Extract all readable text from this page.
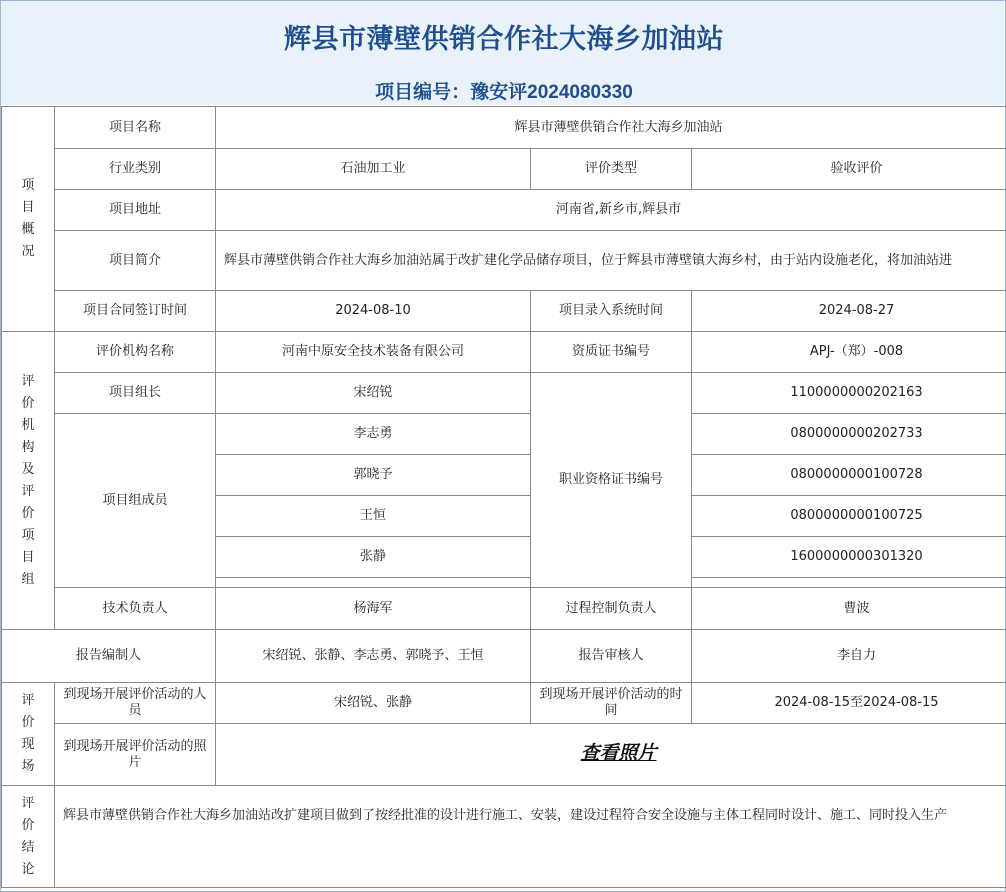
辉县市薄壁供销合作社大海乡加油站
项目编号：豫安评2024080330
项目概况	项目名称	辉县市薄壁供销合作社大海乡加油站		
	行业类别	石油加工业	评价类型	验收评价
	项目地址	河南省,新乡市,辉县市		
	项目简介	辉县市薄壁供销合作社大海乡加油站属于改扩建化学品储存项目，位于辉县市薄壁镇大海乡村，由于站内设施老化，将加油站进		
	项目合同签订时间	2024-08-10	项目录入系统时间	2024-08-27

评价机构及评价项目组	评价机构名称	河南中原安全技术装备有限公司	资质证书编号	APJ-（郑）-008
	项目组长	宋绍锐	职业资格证书编号	1100000000202163
	项目组成员	李志勇		0800000000202733
		郭晓予		0800000000100728
		王恒		0800000000100725
		张静		1600000000301320

	技术负责人	杨海军	过程控制负责人	曹波
报告编制人		宋绍锐、张静、李志勇、郭晓予、王恒	报告审核人	李自力

评价现场	到现场开展评价活动的人员	宋绍锐、张静	到现场开展评价活动的时间	2024-08-15至2024-08-15
	到现场开展评价活动的照片	查看照片		

评价结论	辉县市薄壁供销合作社大海乡加油站改扩建项目做到了按经批准的设计进行施工、安装，建设过程符合安全设施与主体工程同时设计、施工、同时投入生产			
